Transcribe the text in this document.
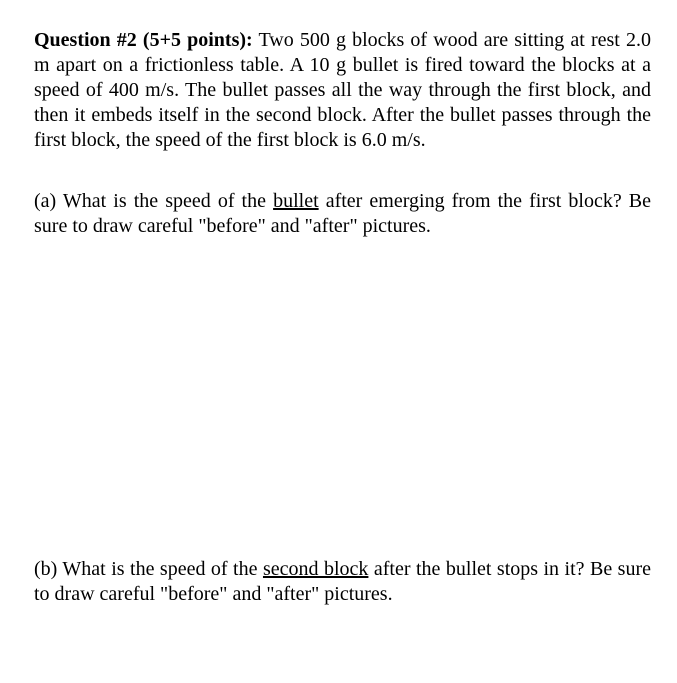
Question #2 (5+5 points): Two 500 g blocks of wood are sitting at rest 2.0 m apart on a frictionless table. A 10 g bullet is fired toward the blocks at a speed of 400 m/s. The bullet passes all the way through the first block, and then it embeds itself in the second block. After the bullet passes through the first block, the speed of the first block is 6.0 m/s.

(a) What is the speed of the bullet after emerging from the first block? Be sure to draw careful "before" and "after" pictures.

(b) What is the speed of the second block after the bullet stops in it? Be sure to draw careful "before" and "after" pictures.
